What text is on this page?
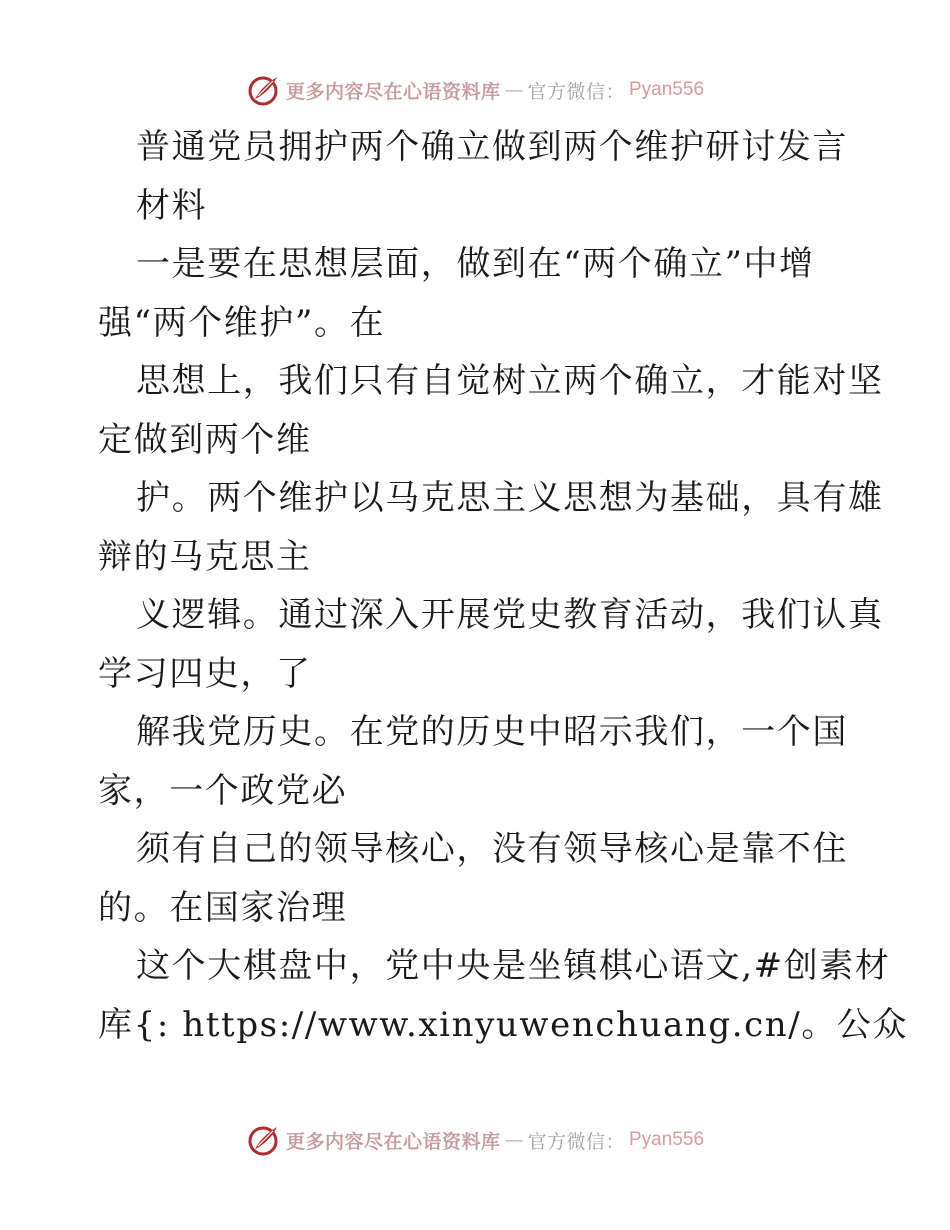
更多内容尽在心语资料库 — 官方微信： Pyan556
普通党员拥护两个确立做到两个维护研讨发言
材料
一是要在思想层面，做到在“两个确立”中增
强“两个维护”。在
思想上，我们只有自觉树立两个确立，才能对坚
定做到两个维
护。两个维护以马克思主义思想为基础，具有雄
辩的马克思主
义逻辑。通过深入开展党史教育活动，我们认真
学习四史，了
解我党历史。在党的历史中昭示我们，一个国
家，一个政党必
须有自己的领导核心，没有领导核心是靠不住
的。在国家治理
这个大棋盘中，党中央是坐镇棋心语文,#创素材
库{: https://www.xinyuwenchuang.cn/。公众
更多内容尽在心语资料库 — 官方微信： Pyan556
